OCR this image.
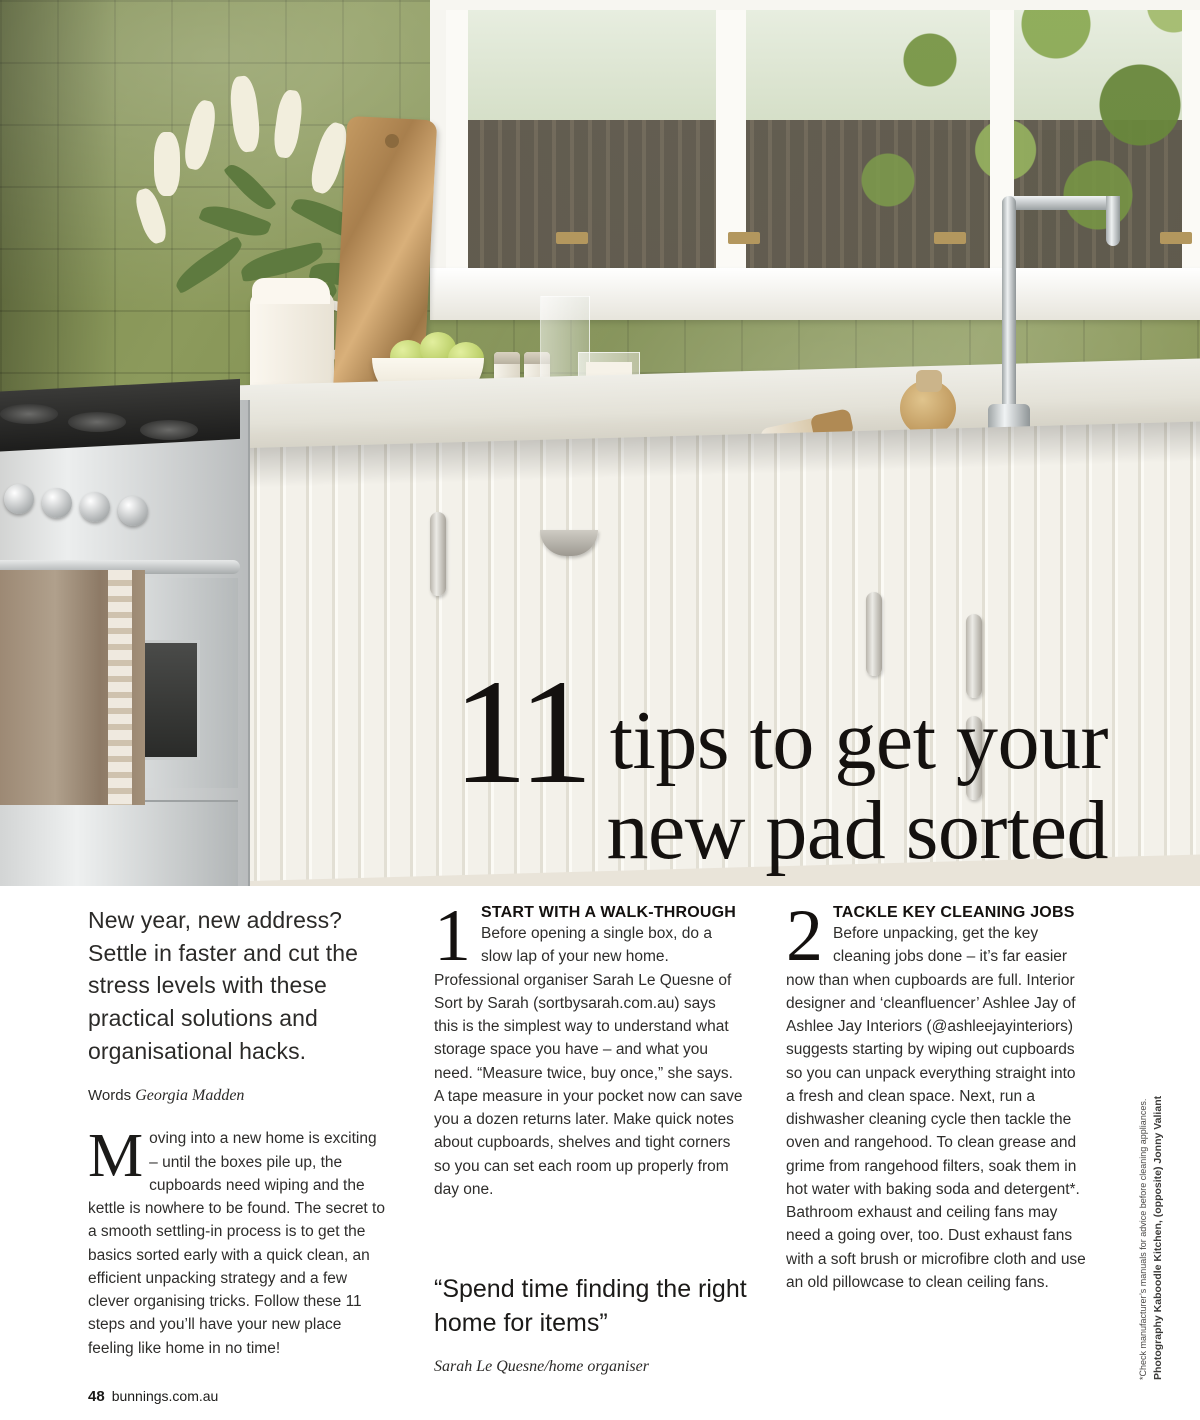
11 tips to get your
new pad sorted
New year, new address? Settle in faster and cut the stress levels with these practical solutions and organisational hacks.
Words Georgia Madden
Moving into a new home is exciting – until the boxes pile up, the cupboards need wiping and the kettle is nowhere to be found. The secret to a smooth settling-in process is to get the basics sorted early with a quick clean, an efficient unpacking strategy and a few clever organising tricks. Follow these 11 steps and you’ll have your new place feeling like home in no time!
1 START WITH A WALK-THROUGH
Before opening a single box, do a slow lap of your new home. Professional organiser Sarah Le Quesne of Sort by Sarah (sortbysarah.com.au) says this is the simplest way to understand what storage space you have – and what you need. “Measure twice, buy once,” she says. A tape measure in your pocket now can save you a dozen returns later. Make quick notes about cupboards, shelves and tight corners so you can set each room up properly from day one.
“Spend time finding the right home for items”
Sarah Le Quesne/home organiser
2 TACKLE KEY CLEANING JOBS
Before unpacking, get the key cleaning jobs done – it’s far easier now than when cupboards are full. Interior designer and ‘cleanfluencer’ Ashlee Jay of Ashlee Jay Interiors (@ashleejayinteriors) suggests starting by wiping out cupboards so you can unpack everything straight into a fresh and clean space. Next, run a dishwasher cleaning cycle then tackle the oven and rangehood. To clean grease and grime from rangehood filters, soak them in hot water with baking soda and detergent*. Bathroom exhaust and ceiling fans may need a going over, too. Dust exhaust fans with a soft brush or microfibre cloth and use an old pillowcase to clean ceiling fans.	Photography Kaboodle Kitchen, (opposite) Jonny Valiant
*Check manufacturer’s manuals for advice before cleaning appliances.
48 bunnings.com.au
